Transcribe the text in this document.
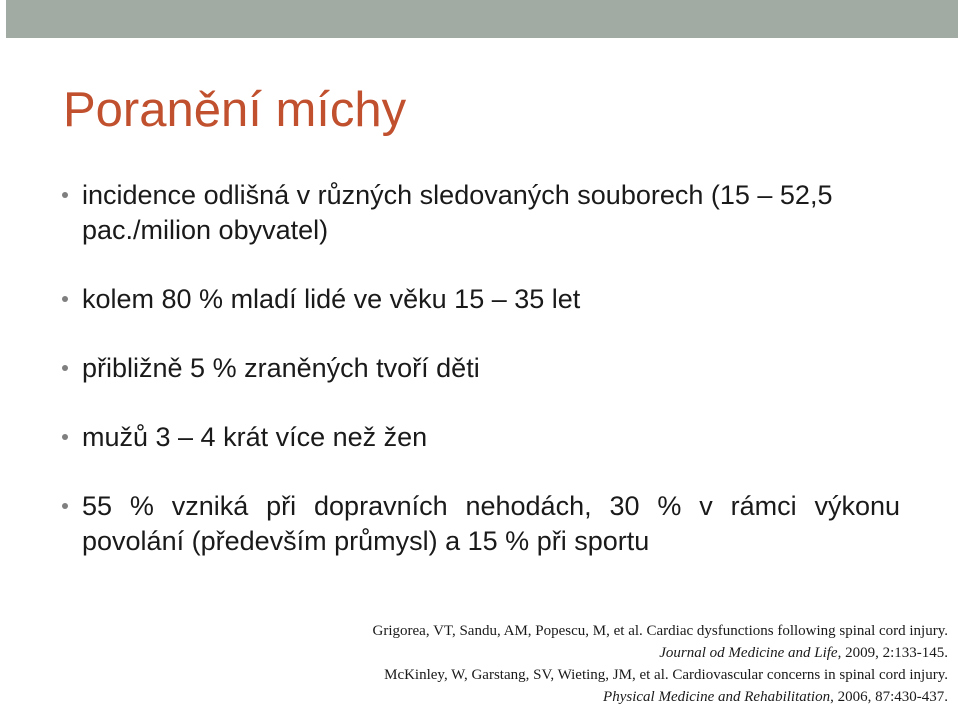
Poranění míchy
incidence odlišná v různých sledovaných souborech (15 – 52,5 pac./milion obyvatel)
kolem 80 % mladí lidé ve věku 15 – 35 let
přibližně 5 % zraněných tvoří děti
mužů 3 – 4 krát více než žen
55 % vzniká při dopravních nehodách, 30 % v rámci výkonu povolání (především průmysl) a 15 % při sportu
Grigorea, VT, Sandu, AM, Popescu, M, et al. Cardiac dysfunctions following spinal cord injury.
Journal od Medicine and Life, 2009, 2:133-145.
McKinley, W, Garstang, SV, Wieting, JM, et al. Cardiovascular concerns in spinal cord injury.
Physical Medicine and Rehabilitation, 2006, 87:430-437.
